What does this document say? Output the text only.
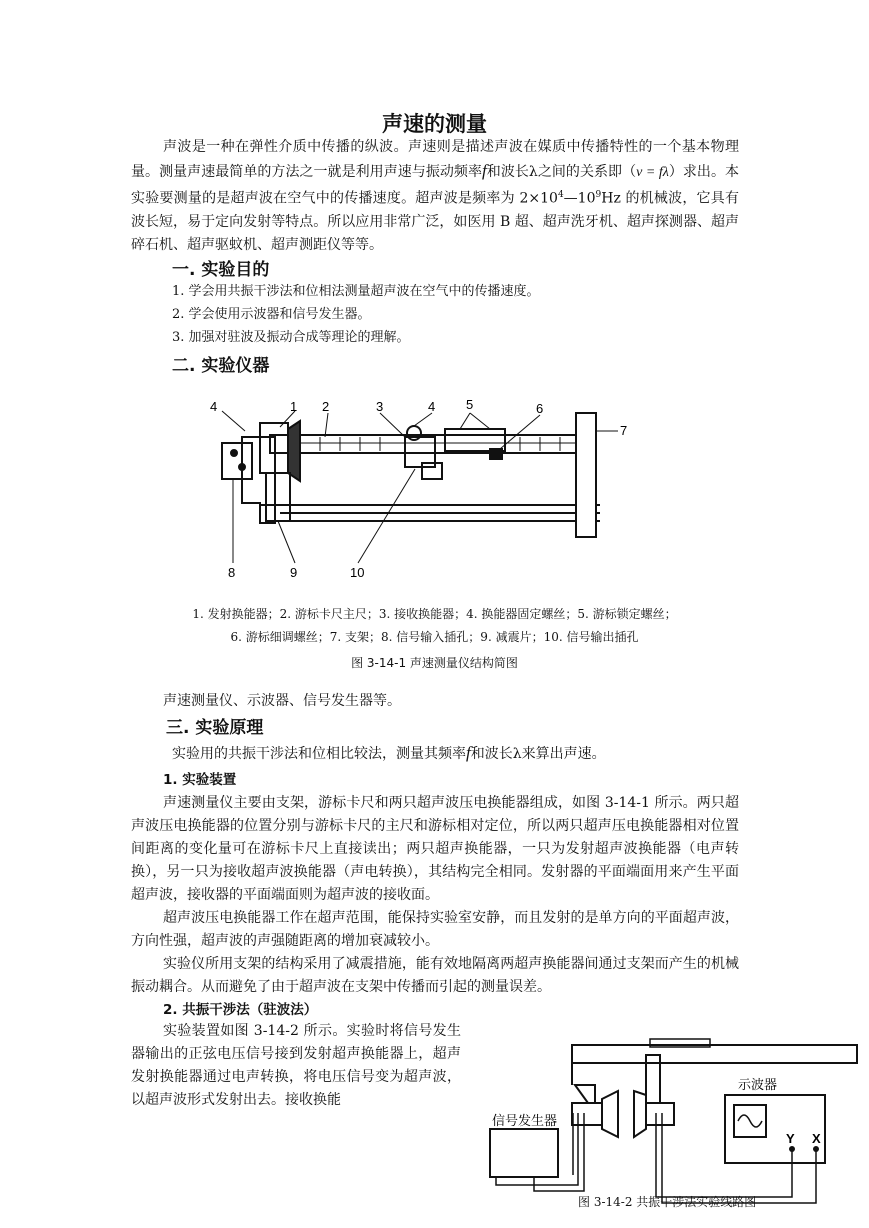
声速的测量
声波是一种在弹性介质中传播的纵波。声速则是描述声波在媒质中传播特性的一个基本物理量。测量声速最简单的方法之一就是利用声速与振动频率f和波长λ之间的关系即（v = fλ）求出。本实验要测量的是超声波在空气中的传播速度。超声波是频率为 $2\times 10^4—10^9Hz$ 的机械波，它具有波长短，易于定向发射等特点。所以应用非常广泛，如医用 B 超、超声洗牙机、超声探测器、超声碎石机、超声驱蚊机、超声测距仪等等。
一. 实验目的
1. 学会用共振干涉法和位相法测量超声波在空气中的传播速度。
2. 学会使用示波器和信号发生器。
3. 加强对驻波及振动合成等理论的理解。
二. 实验仪器
4	1 2	3	4 5	6
7
8	9	10
1. 发射换能器；2. 游标卡尺主尺；3. 接收换能器；4. 换能器固定螺丝；5. 游标锁定螺丝；
6. 游标细调螺丝；7. 支架；8. 信号输入插孔；9. 减震片；10. 信号输出插孔
图 3-14-1 声速测量仪结构简图
声速测量仪、示波器、信号发生器等。
三. 实验原理
实验用的共振干涉法和位相比较法，测量其频率f和波长λ来算出声速。
1. 实验装置
声速测量仪主要由支架，游标卡尺和两只超声波压电换能器组成，如图 3-14-1 所示。两只超声波压电换能器的位置分别与游标卡尺的主尺和游标相对定位，所以两只超声压电换能器相对位置间距离的变化量可在游标卡尺上直接读出；两只超声换能器，一只为发射超声波换能器（电声转换），另一只为接收超声波换能器（声电转换），其结构完全相同。发射器的平面端面用来产生平面超声波，接收器的平面端面则为超声波的接收面。
超声波压电换能器工作在超声范围，能保持实验室安静，而且发射的是单方向的平面超声波，方向性强，超声波的声强随距离的增加衰减较小。
实验仪所用支架的结构采用了减震措施，能有效地隔离两超声换能器间通过支架而产生的机械振动耦合。从而避免了由于超声波在支架中传播而引起的测量误差。
2. 共振干涉法（驻波法）
实验装置如图 3-14-2 所示。实验时将信号发生器输出的正弦电压信号接到发射超声换能器上，超声发射换能器通过电声转换，将电压信号变为超声波，以超声波形式发射出去。接收换能
示波器
信号发生器
Y X
图 3-14-2 共振干涉法实验线路图
